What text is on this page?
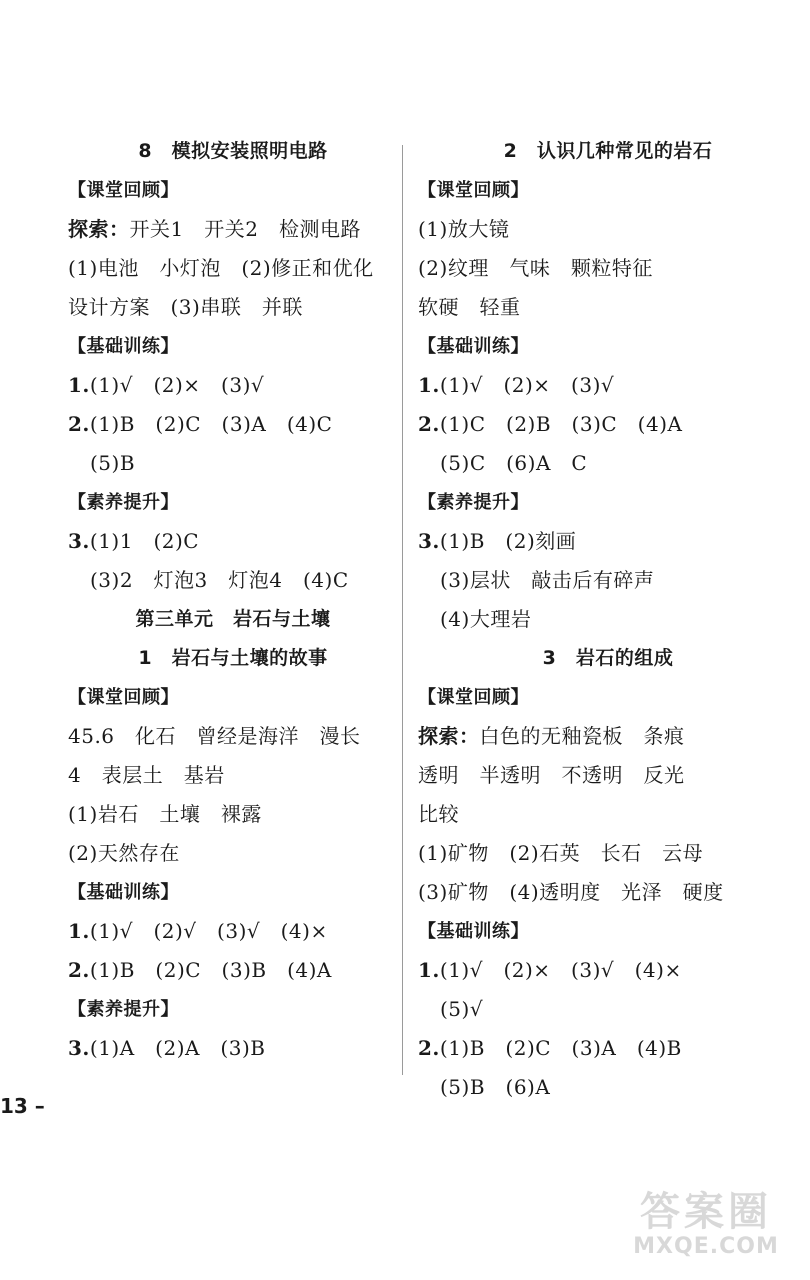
8　模拟安装照明电路
【课堂回顾】
探索：开关1　开关2　检测电路
(1)电池　小灯泡　(2)修正和优化
设计方案　(3)串联　并联
【基础训练】
1.(1)√　(2)×　(3)√
2.(1)B　(2)C　(3)A　(4)C
(5)B
【素养提升】
3.(1)1　(2)C
(3)2　灯泡3　灯泡4　(4)C
第三单元　岩石与土壤
1　岩石与土壤的故事
【课堂回顾】
45.6　化石　曾经是海洋　漫长
4　表层土　基岩
(1)岩石　土壤　裸露
(2)天然存在
【基础训练】
1.(1)√　(2)√　(3)√　(4)×
2.(1)B　(2)C　(3)B　(4)A
【素养提升】
3.(1)A　(2)A　(3)B
2　认识几种常见的岩石
【课堂回顾】
(1)放大镜
(2)纹理　气味　颗粒特征
软硬　轻重
【基础训练】
1.(1)√　(2)×　(3)√
2.(1)C　(2)B　(3)C　(4)A
(5)C　(6)A　C
【素养提升】
3.(1)B　(2)刻画
(3)层状　敲击后有碎声
(4)大理岩
3　岩石的组成
【课堂回顾】
探索：白色的无釉瓷板　条痕
透明　半透明　不透明　反光
比较
(1)矿物　(2)石英　长石　云母
(3)矿物　(4)透明度　光泽　硬度
【基础训练】
1.(1)√　(2)×　(3)√　(4)×
(5)√
2.(1)B　(2)C　(3)A　(4)B
(5)B　(6)A
13 –
答案圈
MXQE.COM
